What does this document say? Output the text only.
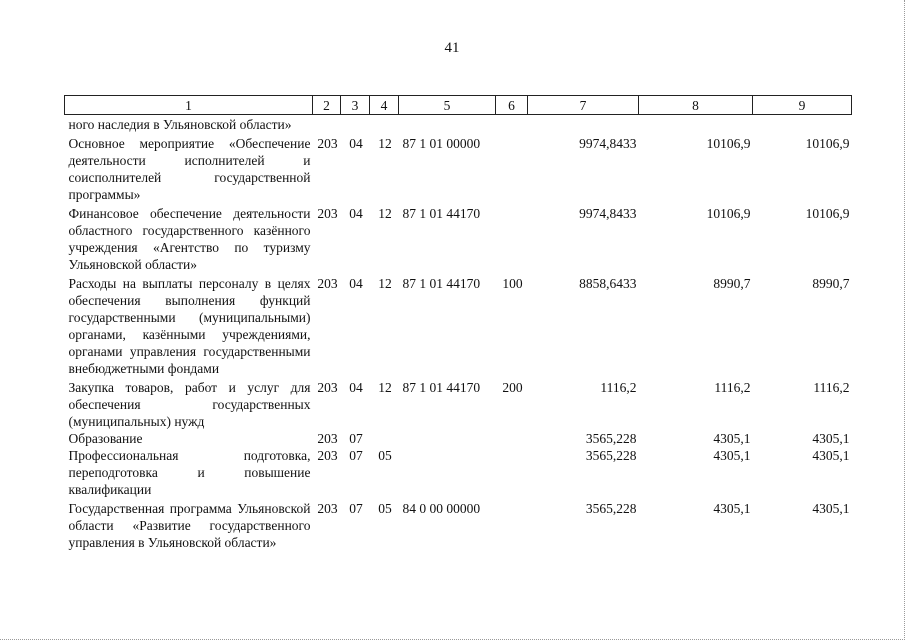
41
1	2	3	4	5	6	7	8	9
ного наследия в Ульяновской области»								
Основное мероприятие «Обеспечение деятельности исполнителей и соисполнителей государственной программы»	203	04	12	87 1 01 00000		9974,8433	10106,9	10106,9
Финансовое обеспечение деятельности областного государственного казённого учреждения «Агентство по туризму Ульяновской области»	203	04	12	87 1 01 44170		9974,8433	10106,9	10106,9
Расходы на выплаты персоналу в целях обеспечения выполнения функций государственными (муниципальными) органами, казёнными учреждениями, органами управления государственными внебюджетными фондами	203	04	12	87 1 01 44170	100	8858,6433	8990,7	8990,7
Закупка товаров, работ и услуг для обеспечения государственных (муниципальных) нужд	203	04	12	87 1 01 44170	200	1116,2	1116,2	1116,2
Образование	203	07				3565,228	4305,1	4305,1
Профессиональная подготовка, переподготовка и повышение квалификации	203	07	05			3565,228	4305,1	4305,1
Государственная программа Ульяновской области «Развитие государственного управления в Ульяновской области»	203	07	05	84 0 00 00000		3565,228	4305,1	4305,1
